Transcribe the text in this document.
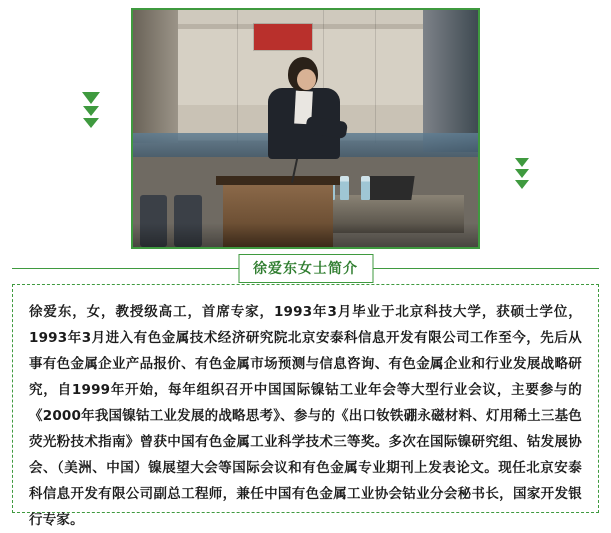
徐爱东女士简介

徐爱东，女，教授级高工，首席专家，1993年3月毕业于北京科技大学，获硕士学位，1993年3月进入有色金属技术经济研究院北京安泰科信息开发有限公司工作至今，先后从事有色金属企业产品报价、有色金属市场预测与信息咨询、有色金属企业和行业发展战略研究，自1999年开始，每年组织召开中国国际镍钴工业年会等大型行业会议，主要参与的《2000年我国镍钴工业发展的战略思考》、参与的《出口钕铁硼永磁材料、灯用稀土三基色荧光粉技术指南》曾获中国有色金属工业科学技术三等奖。多次在国际镍研究组、钴发展协会、（美洲、中国）镍展望大会等国际会议和有色金属专业期刊上发表论文。现任北京安泰科信息开发有限公司副总工程师，兼任中国有色金属工业协会钴业分会秘书长，国家开发银行专家。
